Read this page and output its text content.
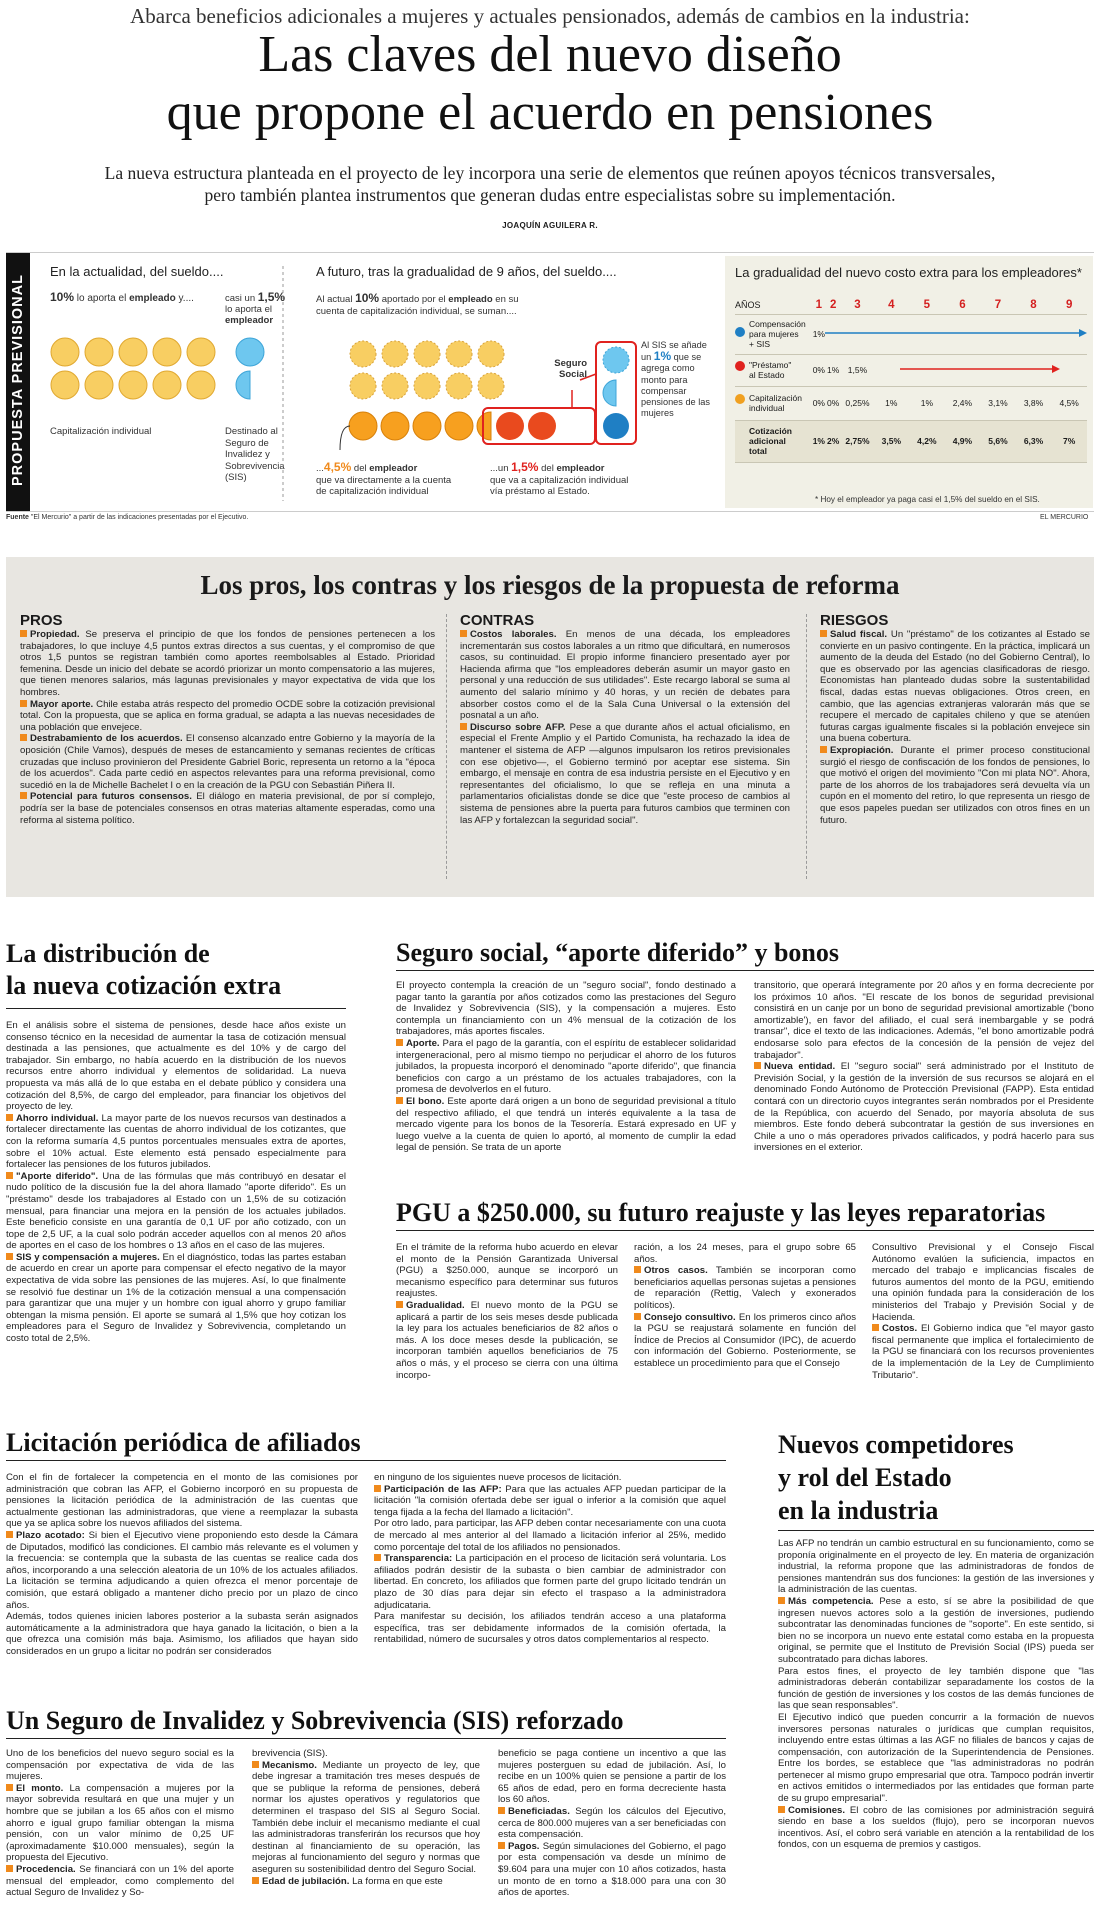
Abarca beneficios adicionales a mujeres y actuales pensionados, además de cambios en la industria:
Las claves del nuevo diseño
que propone el acuerdo en pensiones
La nueva estructura planteada en el proyecto de ley incorpora una serie de elementos que reúnen apoyos técnicos transversales,
pero también plantea instrumentos que generan dudas entre especialistas sobre su implementación.
JOAQUÍN AGUILERA R.
PROPUESTA PREVISIONAL
En la actualidad, del sueldo....
10% lo aporta el empleado y....	casi un 1,5%
lo aporta el
empleador
Capitalización individual	Destinado al
Seguro de
Invalidez y
Sobrevivencia
(SIS)
A futuro, tras la gradualidad de 9 años, del sueldo....
Al actual 10% aportado por el empleado en su
cuenta de capitalización individual, se suman....
Seguro
Social
Al SIS se añade
un 1% que se
agrega como
monto para
compensar
pensiones de las
mujeres
...4,5% del empleador
que va directamente a la cuenta
de capitalización individual
...un 1,5% del empleador
que va a capitalización individual
vía préstamo al Estado.
La gradualidad del nuevo costo extra para los empleadores*
AÑOS	1	2	3	4	5	6	7	8	9

Compensación
para mujeres
+ SIS	1%	

"Préstamo"
al Estado	0%	1%	1,5%	

Capitalización
individual	0%	0%	0,25%	1%	1%	2,4%	3,1%	3,8%	4,5%

Cotización
adicional
total	1%	2%	2,75%	3,5%	4,2%	4,9%	5,6%	6,3%	7%
* Hoy el empleador ya paga casi el 1,5% del sueldo en el SIS.
Fuente "El Mercurio" a partir de las indicaciones presentadas por el Ejecutivo.	EL MERCURIO
Los pros, los contras y los riesgos de la propuesta de reforma
PROS
Propiedad. Se preserva el principio de que los fondos de pensiones pertenecen a los trabajadores, lo que incluye 4,5 puntos extras directos a sus cuentas, y el compromiso de que otros 1,5 puntos se registran también como aportes reembolsables al Estado. Prioridad femenina. Desde un inicio del debate se acordó priorizar un monto compensatorio a las mujeres, que tienen menores salarios, más lagunas previsionales y mayor expectativa de vida que los hombres.
Mayor aporte. Chile estaba atrás respecto del promedio OCDE sobre la cotización previsional total. Con la propuesta, que se aplica en forma gradual, se adapta a las nuevas necesidades de una población que envejece.
Destrabamiento de los acuerdos. El consenso alcanzado entre Gobierno y la mayoría de la oposición (Chile Vamos), después de meses de estancamiento y semanas recientes de críticas cruzadas que incluso provinieron del Presidente Gabriel Boric, representa un retorno a la "época de los acuerdos". Cada parte cedió en aspectos relevantes para una reforma previsional, como sucedió en la de Michelle Bachelet I o en la creación de la PGU con Sebastián Piñera II.
Potencial para futuros consensos. El diálogo en materia previsional, de por sí complejo, podría ser la base de potenciales consensos en otras materias altamente esperadas, como una reforma al sistema político.
CONTRAS
Costos laborales. En menos de una década, los empleadores incrementarán sus costos laborales a un ritmo que dificultará, en numerosos casos, su continuidad. El propio informe financiero presentado ayer por Hacienda afirma que "los empleadores deberán asumir un mayor gasto en personal y una reducción de sus utilidades". Este recargo laboral se suma al aumento del salario mínimo y 40 horas, y un recién de debates para absorber costos como el de la Sala Cuna Universal o la extensión del posnatal a un año.
Discurso sobre AFP. Pese a que durante años el actual oficialismo, en especial el Frente Amplio y el Partido Comunista, ha rechazado la idea de mantener el sistema de AFP —algunos impulsaron los retiros previsionales con ese objetivo—, el Gobierno terminó por aceptar ese sistema. Sin embargo, el mensaje en contra de esa industria persiste en el Ejecutivo y en representantes del oficialismo, lo que se refleja en una minuta a parlamentarios oficialistas donde se dice que "este proceso de cambios al sistema de pensiones abre la puerta para futuros cambios que terminen con las AFP y fortalezcan la seguridad social".
RIESGOS
Salud fiscal. Un "préstamo" de los cotizantes al Estado se convierte en un pasivo contingente. En la práctica, implicará un aumento de la deuda del Estado (no del Gobierno Central), lo que es observado por las agencias clasificadoras de riesgo. Economistas han planteado dudas sobre la sustentabilidad fiscal, dadas estas nuevas obligaciones. Otros creen, en cambio, que las agencias extranjeras valorarán más que se recupere el mercado de capitales chileno y que se atenúen futuras cargas igualmente fiscales si la población envejece sin una buena cobertura.
Expropiación. Durante el primer proceso constitucional surgió el riesgo de confiscación de los fondos de pensiones, lo que motivó el origen del movimiento "Con mi plata NO". Ahora, parte de los ahorros de los trabajadores será devuelta vía un cupón en el momento del retiro, lo que representa un riesgo de que esos papeles puedan ser utilizados con otros fines en un futuro.
La distribución de
la nueva cotización extra
En el análisis sobre el sistema de pensiones, desde hace años existe un consenso técnico en la necesidad de aumentar la tasa de cotización mensual destinada a las pensiones, que actualmente es del 10% y de cargo del trabajador. Sin embargo, no había acuerdo en la distribución de los nuevos recursos entre ahorro individual y elementos de solidaridad. La nueva propuesta va más allá de lo que estaba en el debate público y considera una cotización del 8,5%, de cargo del empleador, para financiar los objetivos del proyecto de ley.
Ahorro individual. La mayor parte de los nuevos recursos van destinados a fortalecer directamente las cuentas de ahorro individual de los cotizantes, que con la reforma sumaría 4,5 puntos porcentuales mensuales extra de aportes, sobre el 10% actual. Este elemento está pensado especialmente para fortalecer las pensiones de los futuros jubilados.
"Aporte diferido". Una de las fórmulas que más contribuyó en desatar el nudo político de la discusión fue la del ahora llamado "aporte diferido". Es un "préstamo" desde los trabajadores al Estado con un 1,5% de su cotización mensual, para financiar una mejora en la pensión de los actuales jubilados. Este beneficio consiste en una garantía de 0,1 UF por año cotizado, con un tope de 2,5 UF, a la cual solo podrán acceder aquellos con al menos 20 años de aportes en el caso de los hombres o 13 años en el caso de las mujeres.
SIS y compensación a mujeres. En el diagnóstico, todas las partes estaban de acuerdo en crear un aporte para compensar el efecto negativo de la mayor expectativa de vida sobre las pensiones de las mujeres. Así, lo que finalmente se resolvió fue destinar un 1% de la cotización mensual a una compensación para garantizar que una mujer y un hombre con igual ahorro y grupo familiar obtengan la misma pensión. El aporte se sumará al 1,5% que hoy cotizan los empleadores para el Seguro de Invalidez y Sobrevivencia, completando un costo total de 2,5%.
Seguro social, “aporte diferido” y bonos
El proyecto contempla la creación de un "seguro social", fondo destinado a pagar tanto la garantía por años cotizados como las prestaciones del Seguro de Invalidez y Sobrevivencia (SIS), y la compensación a mujeres. Esto contempla un financiamiento con un 4% mensual de la cotización de los trabajadores, más aportes fiscales.
Aporte. Para el pago de la garantía, con el espíritu de establecer solidaridad intergeneracional, pero al mismo tiempo no perjudicar el ahorro de los futuros jubilados, la propuesta incorporó el denominado "aporte diferido", que financia beneficios con cargo a un préstamo de los actuales trabajadores, con la promesa de devolverlos en el futuro.
El bono. Este aporte dará origen a un bono de seguridad previsional a título del respectivo afiliado, el que tendrá un interés equivalente a la tasa de mercado vigente para los bonos de la Tesorería. Estará expresado en UF y luego vuelve a la cuenta de quien lo aportó, al momento de cumplir la edad legal de pensión. Se trata de un aporte
transitorio, que operará íntegramente por 20 años y en forma decreciente por los próximos 10 años. "El rescate de los bonos de seguridad previsional consistirá en un canje por un bono de seguridad previsional amortizable ('bono amortizable'), en favor del afiliado, el cual será inembargable y se podrá transar", dice el texto de las indicaciones. Además, "el bono amortizable podrá endosarse solo para efectos de la concesión de la pensión de vejez del trabajador".
Nueva entidad. El "seguro social" será administrado por el Instituto de Previsión Social, y la gestión de la inversión de sus recursos se alojará en el denominado Fondo Autónomo de Protección Previsional (FAPP). Esta entidad contará con un directorio cuyos integrantes serán nombrados por el Presidente de la República, con acuerdo del Senado, por mayoría absoluta de sus miembros. Este fondo deberá subcontratar la gestión de sus inversiones en Chile a uno o más operadores privados calificados, y podrá hacerlo para sus inversiones en el exterior.
PGU a $250.000, su futuro reajuste y las leyes reparatorias
En el trámite de la reforma hubo acuerdo en elevar el monto de la Pensión Garantizada Universal (PGU) a $250.000, aunque se incorporó un mecanismo específico para determinar sus futuros reajustes.
Gradualidad. El nuevo monto de la PGU se aplicará a partir de los seis meses desde publicada la ley para los actuales beneficiarios de 82 años o más. A los doce meses desde la publicación, se incorporan también aquellos beneficiarios de 75 años o más, y el proceso se cierra con una última incorpo-
ración, a los 24 meses, para el grupo sobre 65 años.
Otros casos. También se incorporan como beneficiarios aquellas personas sujetas a pensiones de reparación (Rettig, Valech y exonerados políticos).
Consejo consultivo. En los primeros cinco años la PGU se reajustará solamente en función del Índice de Precios al Consumidor (IPC), de acuerdo con información del Gobierno. Posteriormente, se establece un procedimiento para que el Consejo
Consultivo Previsional y el Consejo Fiscal Autónomo evalúen la suficiencia, impactos en mercado del trabajo e implicancias fiscales de futuros aumentos del monto de la PGU, emitiendo una opinión fundada para la consideración de los ministerios del Trabajo y Previsión Social y de Hacienda.
Costos. El Gobierno indica que "el mayor gasto fiscal permanente que implica el fortalecimiento de la PGU se financiará con los recursos provenientes de la implementación de la Ley de Cumplimiento Tributario".
Licitación periódica de afiliados
Con el fin de fortalecer la competencia en el monto de las comisiones por administración que cobran las AFP, el Gobierno incorporó en su propuesta de pensiones la licitación periódica de la administración de las cuentas que actualmente gestionan las administradoras, que viene a reemplazar la subasta que ya se aplica sobre los nuevos afiliados del sistema.
Plazo acotado: Si bien el Ejecutivo viene proponiendo esto desde la Cámara de Diputados, modificó las condiciones. El cambio más relevante es el volumen y la frecuencia: se contempla que la subasta de las cuentas se realice cada dos años, incorporando a una selección aleatoria de un 10% de los actuales afiliados. La licitación se termina adjudicando a quien ofrezca el menor porcentaje de comisión, que estará obligado a mantener dicho precio por un plazo de cinco años.
Además, todos quienes inicien labores posterior a la subasta serán asignados automáticamente a la administradora que haya ganado la licitación, o bien a la que ofrezca una comisión más baja. Asimismo, los afiliados que hayan sido considerados en un grupo a licitar no podrán ser considerados
en ninguno de los siguientes nueve procesos de licitación.
Participación de las AFP: Para que las actuales AFP puedan participar de la licitación "la comisión ofertada debe ser igual o inferior a la comisión que aquel tenga fijada a la fecha del llamado a licitación".
Por otro lado, para participar, las AFP deben contar necesariamente con una cuota de mercado al mes anterior al del llamado a licitación inferior al 25%, medido como porcentaje del total de los afiliados no pensionados.
Transparencia: La participación en el proceso de licitación será voluntaria. Los afiliados podrán desistir de la subasta o bien cambiar de administrador con libertad. En concreto, los afiliados que formen parte del grupo licitado tendrán un plazo de 30 días para dejar sin efecto el traspaso a la administradora adjudicataria.
Para manifestar su decisión, los afiliados tendrán acceso a una plataforma específica, tras ser debidamente informados de la comisión ofertada, la rentabilidad, número de sucursales y otros datos complementarios al respecto.
Nuevos competidores
y rol del Estado
en la industria
Las AFP no tendrán un cambio estructural en su funcionamiento, como se proponía originalmente en el proyecto de ley. En materia de organización industrial, la reforma propone que las administradoras de fondos de pensiones mantendrán sus dos funciones: la gestión de las inversiones y la administración de las cuentas.
Más competencia. Pese a esto, sí se abre la posibilidad de que ingresen nuevos actores solo a la gestión de inversiones, pudiendo subcontratar las denominadas funciones de "soporte". En este sentido, si bien no se incorpora un nuevo ente estatal como estaba en la propuesta original, se permite que el Instituto de Previsión Social (IPS) pueda ser subcontratado para dichas labores.
Para estos fines, el proyecto de ley también dispone que "las administradoras deberán contabilizar separadamente los costos de la función de gestión de inversiones y los costos de las demás funciones de las que sean responsables".
El Ejecutivo indicó que pueden concurrir a la formación de nuevos inversores personas naturales o jurídicas que cumplan requisitos, incluyendo entre estas últimas a las AGF no filiales de bancos y cajas de compensación, con autorización de la Superintendencia de Pensiones. Entre los bordes, se establece que "las administradoras no podrán pertenecer al mismo grupo empresarial que otra. Tampoco podrán invertir en activos emitidos o intermediados por las entidades que forman parte de su grupo empresarial".
Comisiones. El cobro de las comisiones por administración seguirá siendo en base a los sueldos (flujo), pero se incorporan nuevos incentivos. Así, el cobro será variable en atención a la rentabilidad de los fondos, con un esquema de premios y castigos.
Un Seguro de Invalidez y Sobrevivencia (SIS) reforzado
Uno de los beneficios del nuevo seguro social es la compensación por expectativa de vida de las mujeres.
El monto. La compensación a mujeres por la mayor sobrevida resultará en que una mujer y un hombre que se jubilan a los 65 años con el mismo ahorro e igual grupo familiar obtengan la misma pensión, con un valor mínimo de 0,25 UF (aproximadamente $10.000 mensuales), según la propuesta del Ejecutivo.
Procedencia. Se financiará con un 1% del aporte mensual del empleador, como complemento del actual Seguro de Invalidez y So-
brevivencia (SIS).
Mecanismo. Mediante un proyecto de ley, que debe ingresar a tramitación tres meses después de que se publique la reforma de pensiones, deberá normar los ajustes operativos y regulatorios que determinen el traspaso del SIS al Seguro Social. También debe incluir el mecanismo mediante el cual las administradoras transferirán los recursos que hoy destinan al financiamiento de su operación, las mejoras al funcionamiento del seguro y normas que aseguren su sostenibilidad dentro del Seguro Social.
Edad de jubilación. La forma en que este
beneficio se paga contiene un incentivo a que las mujeres posterguen su edad de jubilación. Así, lo recibe en un 100% quien se pensione a partir de los 65 años de edad, pero en forma decreciente hasta los 60 años.
Beneficiadas. Según los cálculos del Ejecutivo, cerca de 800.000 mujeres van a ser beneficiadas con esta compensación.
Pagos. Según simulaciones del Gobierno, el pago por esta compensación va desde un mínimo de $9.604 para una mujer con 10 años cotizados, hasta un monto de en torno a $18.000 para una con 30 años de aportes.
